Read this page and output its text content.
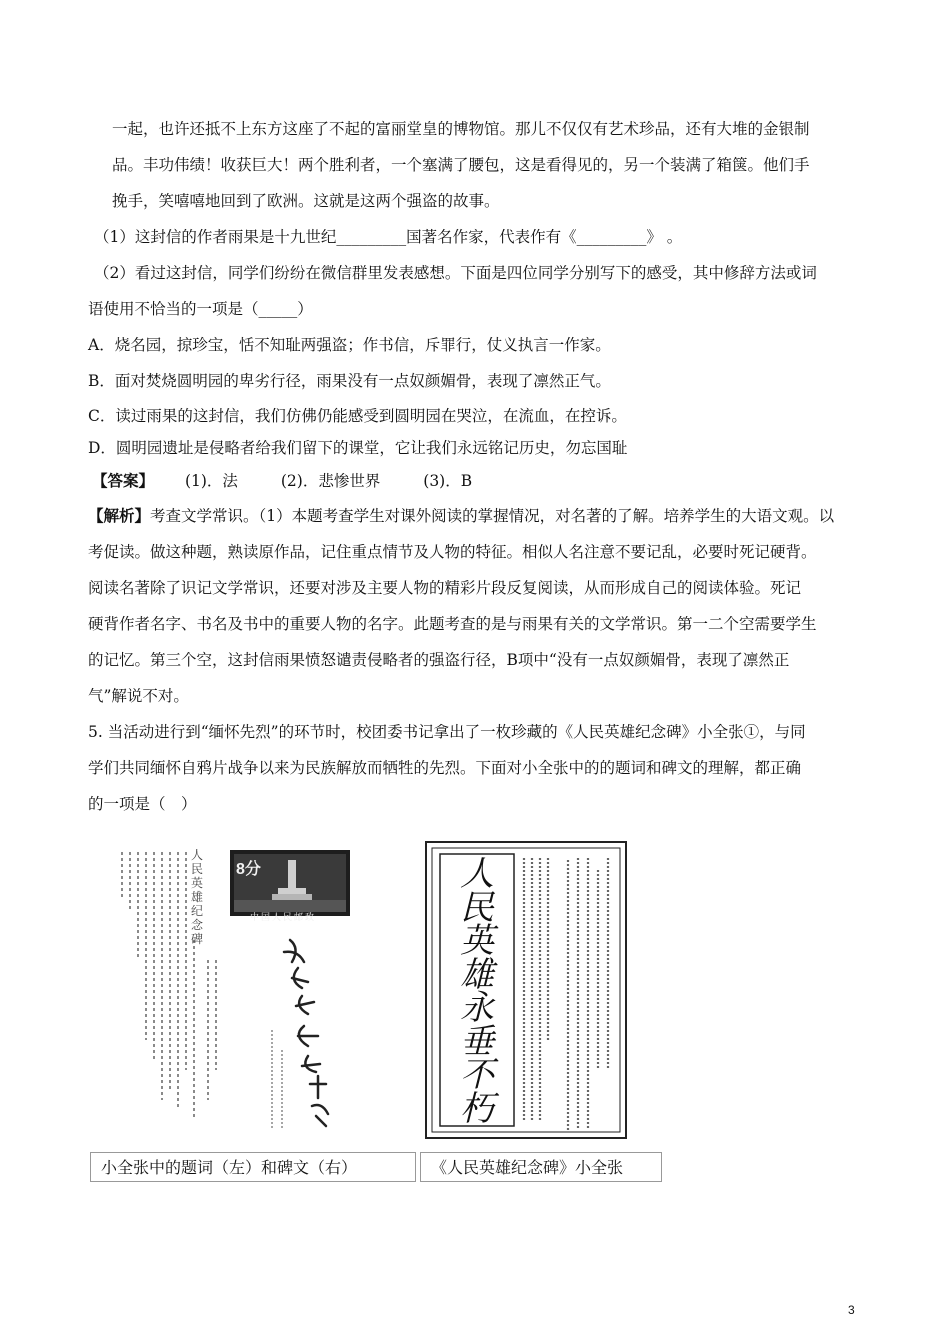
一起，也许还抵不上东方这座了不起的富丽堂皇的博物馆。那儿不仅仅有艺术珍品，还有大堆的金银制
品。丰功伟绩！收获巨大！两个胜利者，一个塞满了腰包，这是看得见的，另一个装满了箱箧。他们手
挽手，笑嘻嘻地回到了欧洲。这就是这两个强盗的故事。
（1）这封信的作者雨果是十九世纪_________国著名作家，代表作有《_________》 。
（2）看过这封信，同学们纷纷在微信群里发表感想。下面是四位同学分别写下的感受，其中修辞方法或词
语使用不恰当的一项是（_____）
A．烧名园，掠珍宝，恬不知耻两强盗；作书信，斥罪行，仗义执言一作家。
B．面对焚烧圆明园的卑劣行径，雨果没有一点奴颜媚骨，表现了凛然正气。
C．读过雨果的这封信，我们仿佛仍能感受到圆明园在哭泣，在流血，在控诉。
D．圆明园遗址是侵略者给我们留下的课堂，它让我们永远铭记历史，勿忘国耻
【答案】 (1)．法	(2)．悲惨世界	(3)．B
【解析】考查文学常识。（1）本题考查学生对课外阅读的掌握情况，对名著的了解。培养学生的大语文观。以
考促读。做这种题，熟读原作品，记住重点情节及人物的特征。相似人名注意不要记乱，必要时死记硬背。
阅读名著除了识记文学常识，还要对涉及主要人物的精彩片段反复阅读，从而形成自己的阅读体验。死记
硬背作者名字、书名及书中的重要人物的名字。此题考查的是与雨果有关的文学常识。第一二个空需要学生
的记忆。第三个空，这封信雨果愤怒谴责侵略者的强盗行径，B项中“没有一点奴颜媚骨，表现了凛然正
气”解说不对。
5. 当活动进行到“缅怀先烈”的环节时，校团委书记拿出了一枚珍藏的《人民英雄纪念碑》小全张①，与同
学们共同缅怀自鸦片战争以来为民族解放而牺牲的先烈。下面对小全张中的的题词和碑文的理解，都正确
的一项是（　）
8分
中国人民邮政
人民英雄纪念碑
人
民
英
雄
永
垂
不
朽
小全张中的题词（左）和碑文（右）	《人民英雄纪念碑》小全张
3
